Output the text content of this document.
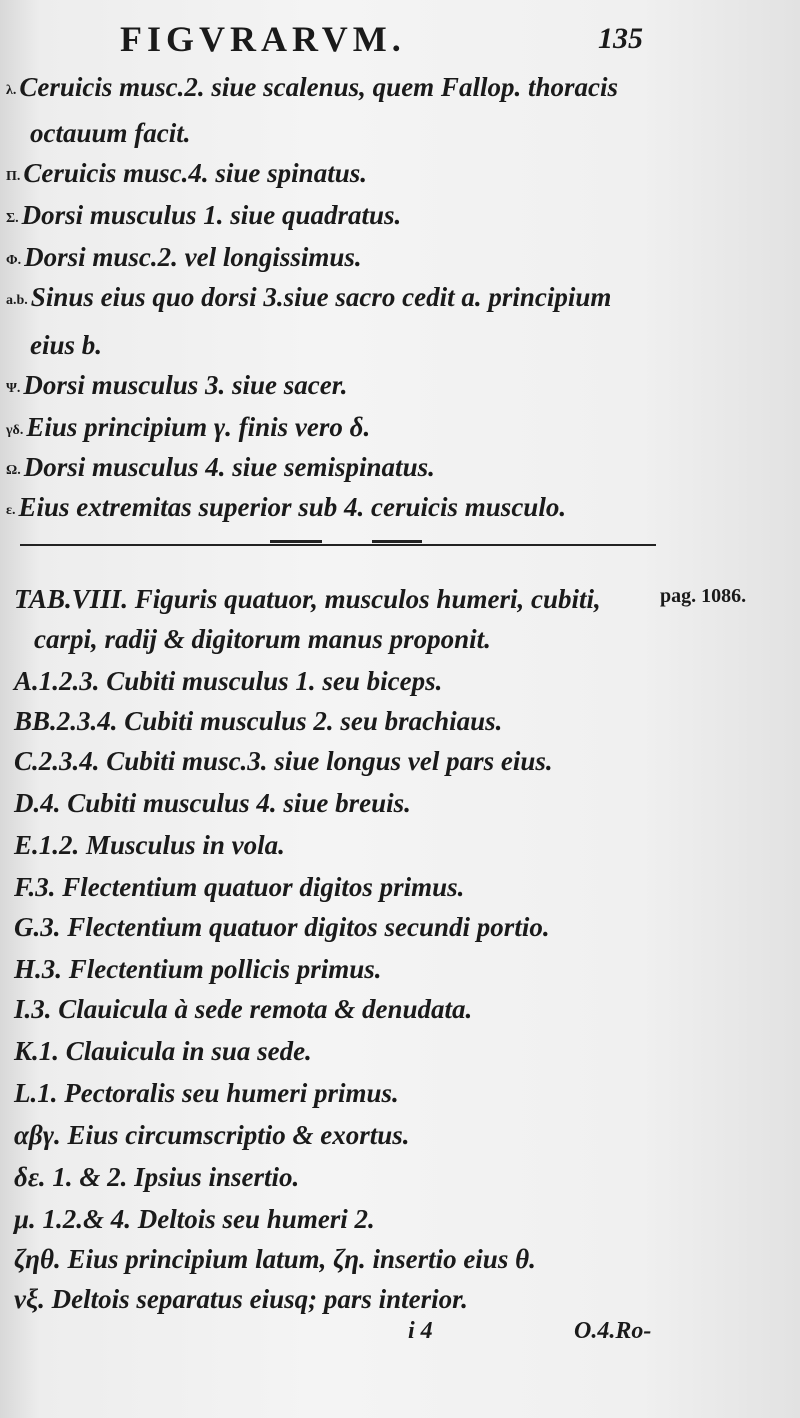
FIGVRARVM.	135
λ. Ceruicis musc.2. siue scalenus, quem Fallop. thoracis
octauum facit.
Π. Ceruicis musc.4. siue spinatus.
Σ. Dorsi musculus 1. siue quadratus.
Φ. Dorsi musc.2. vel longissimus.
a.b. Sinus eius quo dorsi 3.siue sacro cedit a. principium
eius b.
Ψ. Dorsi musculus 3. siue sacer.
γδ. Eius principium γ. finis vero δ.
Ω. Dorsi musculus 4. siue semispinatus.
ε. Eius extremitas superior sub 4. ceruicis musculo.
TAB.VIII. Figuris quatuor, musculos humeri, cubiti,	pag. 1086.
carpi, radij & digitorum manus proponit.
A.1.2.3. Cubiti musculus 1. seu biceps.
BB.2.3.4. Cubiti musculus 2. seu brachiaus.
C.2.3.4. Cubiti musc.3. siue longus vel pars eius.
D.4. Cubiti musculus 4. siue breuis.
E.1.2. Musculus in vola.
F.3. Flectentium quatuor digitos primus.
G.3. Flectentium quatuor digitos secundi portio.
H.3. Flectentium pollicis primus.
I.3. Clauicula à sede remota & denudata.
K.1. Clauicula in sua sede.
L.1. Pectoralis seu humeri primus.
αβγ. Eius circumscriptio & exortus.
δε. 1. & 2. Ipsius insertio.
μ. 1.2.& 4. Deltois seu humeri 2.
ζηθ. Eius principium latum, ζη. insertio eius θ.
νξ. Deltois separatus eiusq; pars interior.
i 4	O.4.Ro-
